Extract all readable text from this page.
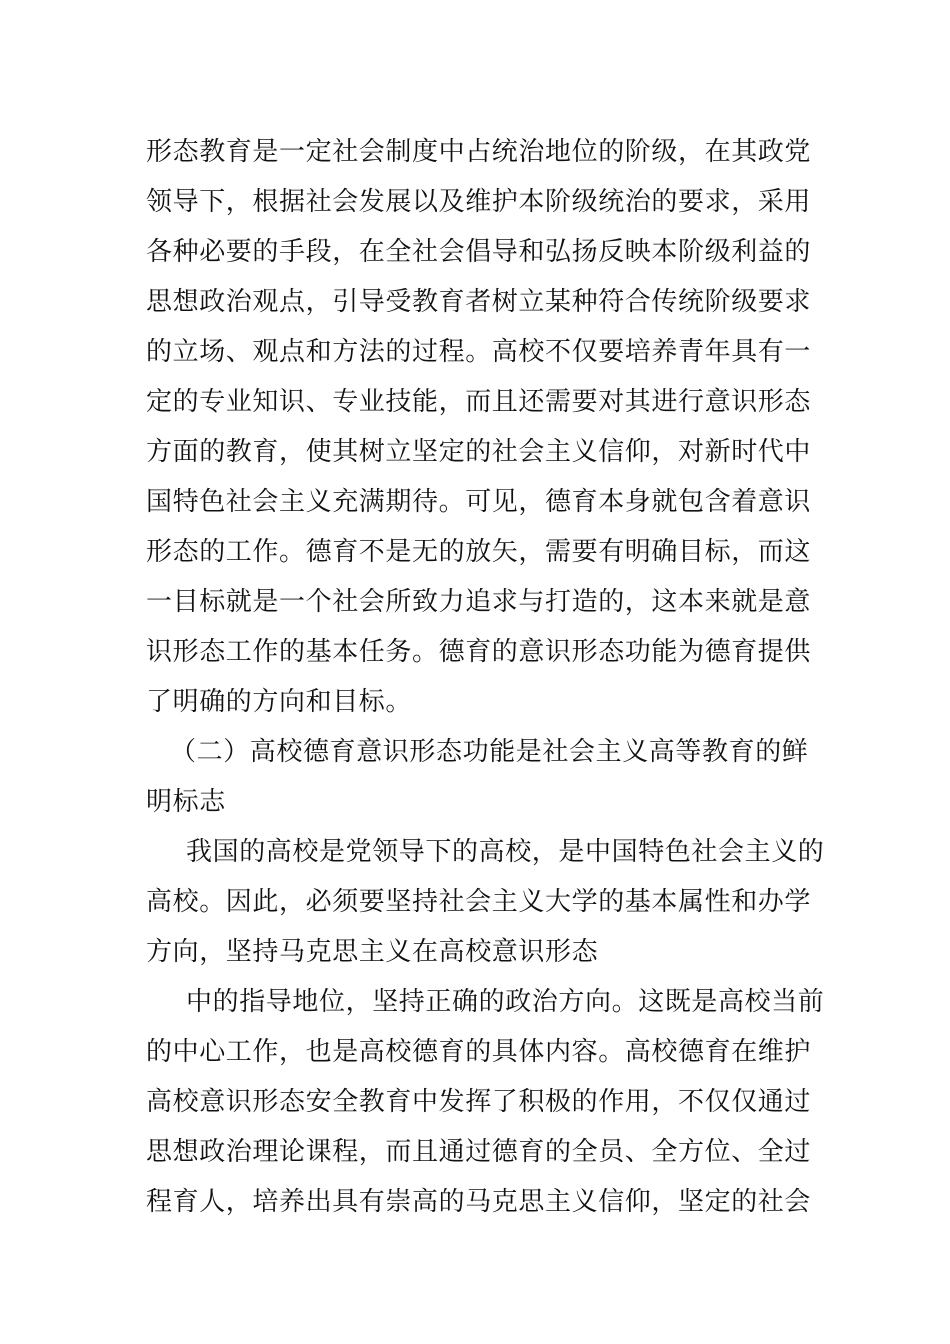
形态教育是一定社会制度中占统治地位的阶级，在其政党
领导下，根据社会发展以及维护本阶级统治的要求，采用
各种必要的手段，在全社会倡导和弘扬反映本阶级利益的
思想政治观点，引导受教育者树立某种符合传统阶级要求
的立场、观点和方法的过程。高校不仅要培养青年具有一
定的专业知识、专业技能，而且还需要对其进行意识形态
方面的教育，使其树立坚定的社会主义信仰，对新时代中
国特色社会主义充满期待。可见，德育本身就包含着意识
形态的工作。德育不是无的放矢，需要有明确目标，而这
一目标就是一个社会所致力追求与打造的，这本来就是意
识形态工作的基本任务。德育的意识形态功能为德育提供
了明确的方向和目标。
（二）高校德育意识形态功能是社会主义高等教育的鲜
明标志
我国的高校是党领导下的高校，是中国特色社会主义的
高校。因此，必须要坚持社会主义大学的基本属性和办学
方向，坚持马克思主义在高校意识形态
中的指导地位，坚持正确的政治方向。这既是高校当前
的中心工作，也是高校德育的具体内容。高校德育在维护
高校意识形态安全教育中发挥了积极的作用，不仅仅通过
思想政治理论课程，而且通过德育的全员、全方位、全过
程育人，培养出具有崇高的马克思主义信仰，坚定的社会
